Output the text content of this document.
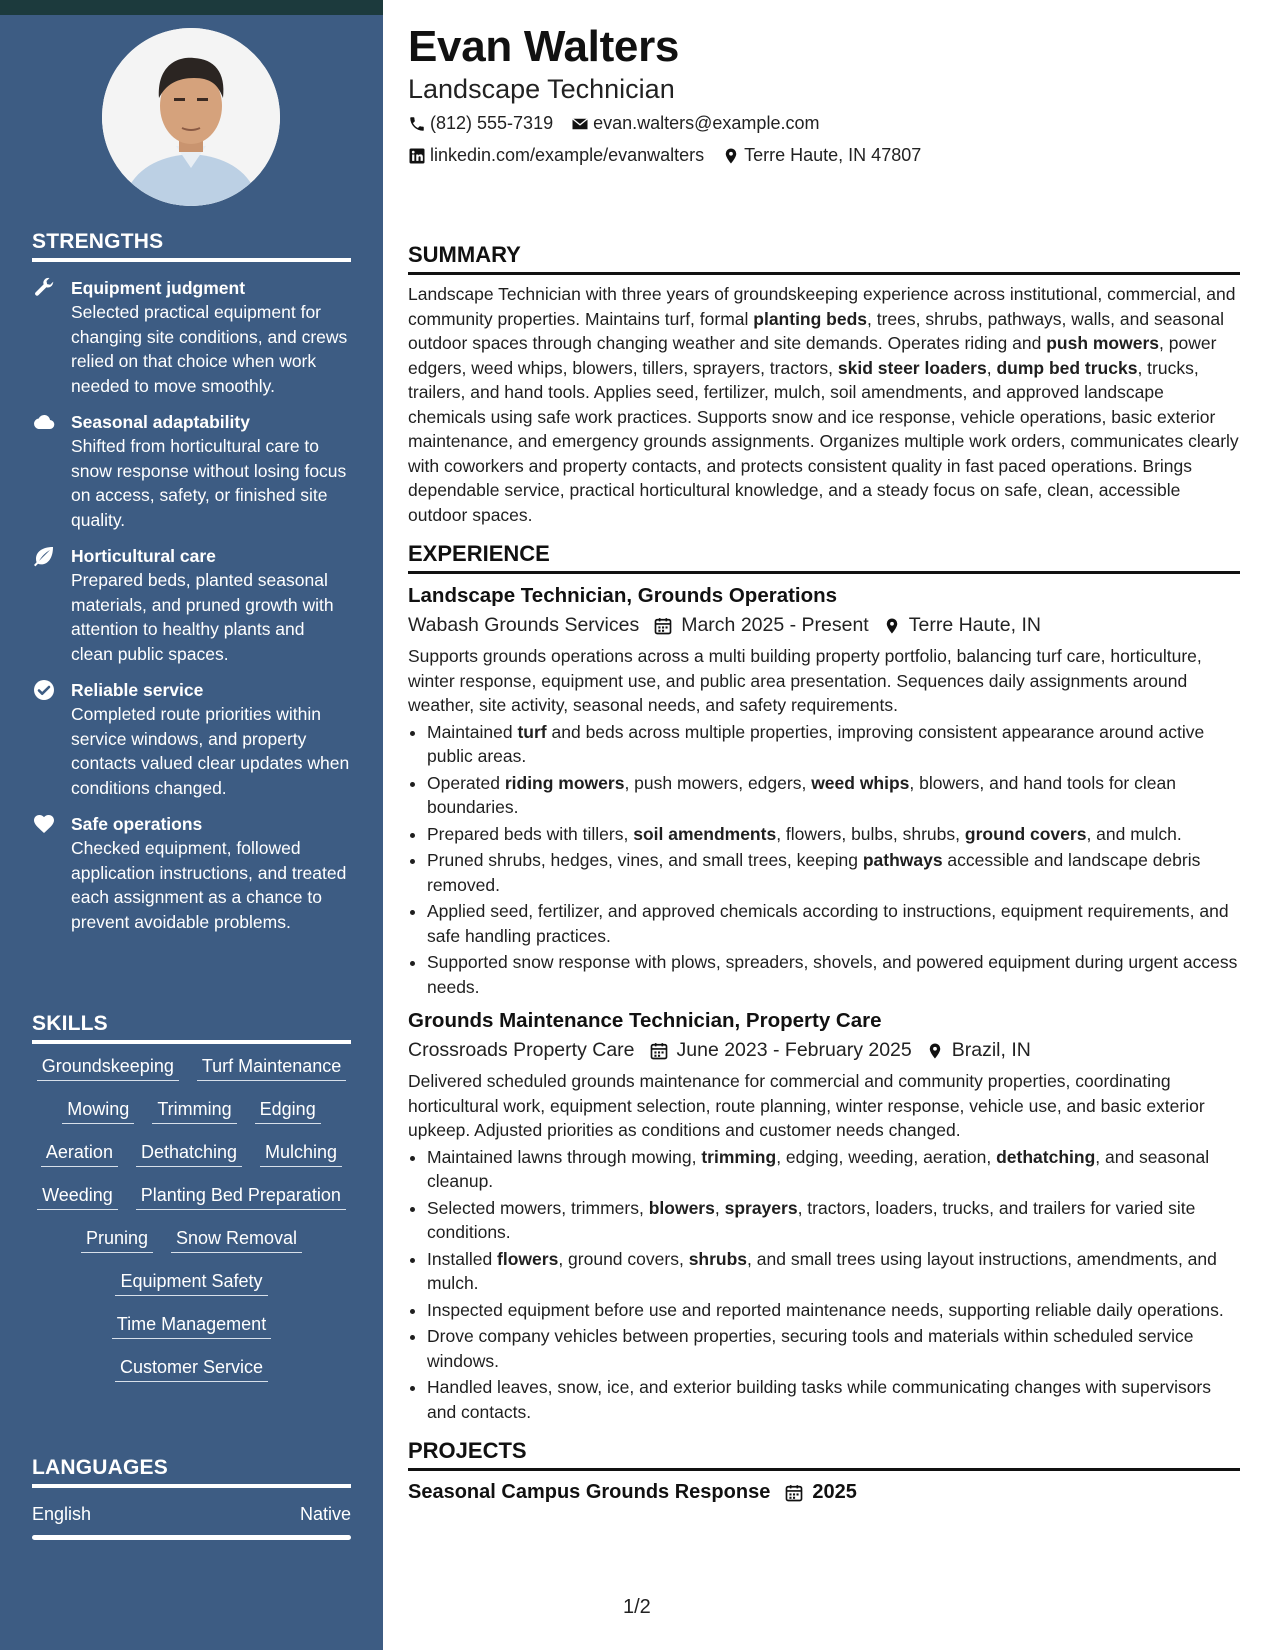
STRENGTHS
Equipment judgment
Selected practical equipment for changing site conditions, and crews relied on that choice when work needed to move smoothly.
Seasonal adaptability
Shifted from horticultural care to snow response without losing focus on access, safety, or finished site quality.
Horticultural care
Prepared beds, planted seasonal materials, and pruned growth with attention to healthy plants and clean public spaces.
Reliable service
Completed route priorities within service windows, and property contacts valued clear updates when conditions changed.
Safe operations
Checked equipment, followed application instructions, and treated each assignment as a chance to prevent avoidable problems.
SKILLS
Groundskeeping Turf Maintenance
Mowing Trimming Edging
Aeration Dethatching Mulching
Weeding Planting Bed Preparation
Pruning Snow Removal
Equipment Safety
Time Management
Customer Service
LANGUAGES
English	Native
Evan Walters
Landscape Technician
(812) 555-7319 evan.walters@example.com
linkedin.com/example/evanwalters Terre Haute, IN 47807
SUMMARY

Landscape Technician with three years of groundskeeping experience across institutional, commercial, and community properties. Maintains turf, formal planting beds, trees, shrubs, pathways, walls, and seasonal outdoor spaces through changing weather and site demands. Operates riding and push mowers, power edgers, weed whips, blowers, tillers, sprayers, tractors, skid steer loaders, dump bed trucks, trucks, trailers, and hand tools. Applies seed, fertilizer, mulch, soil amendments, and approved landscape chemicals using safe work practices. Supports snow and ice response, vehicle operations, basic exterior maintenance, and emergency grounds assignments. Organizes multiple work orders, communicates clearly with coworkers and property contacts, and protects consistent quality in fast paced operations. Brings dependable service, practical horticultural knowledge, and a steady focus on safe, clean, accessible outdoor spaces.

EXPERIENCE
Landscape Technician, Grounds Operations
Wabash Grounds Services March 2025 - Present Terre Haute, IN

Supports grounds operations across a multi building property portfolio, balancing turf care, horticulture, winter response, equipment use, and public area presentation. Sequences daily assignments around weather, site activity, seasonal needs, and safety requirements.

• Maintained turf and beds across multiple properties, improving consistent appearance around active public areas.
• Operated riding mowers, push mowers, edgers, weed whips, blowers, and hand tools for clean boundaries.
• Prepared beds with tillers, soil amendments, flowers, bulbs, shrubs, ground covers, and mulch.
• Pruned shrubs, hedges, vines, and small trees, keeping pathways accessible and landscape debris removed.
• Applied seed, fertilizer, and approved chemicals according to instructions, equipment requirements, and safe handling practices.
• Supported snow response with plows, spreaders, shovels, and powered equipment during urgent access needs.
Grounds Maintenance Technician, Property Care
Crossroads Property Care June 2023 - February 2025 Brazil, IN

Delivered scheduled grounds maintenance for commercial and community properties, coordinating horticultural work, equipment selection, route planning, winter response, vehicle use, and basic exterior upkeep. Adjusted priorities as conditions and customer needs changed.

• Maintained lawns through mowing, trimming, edging, weeding, aeration, dethatching, and seasonal cleanup.
• Selected mowers, trimmers, blowers, sprayers, tractors, loaders, trucks, and trailers for varied site conditions.
• Installed flowers, ground covers, shrubs, and small trees using layout instructions, amendments, and mulch.
• Inspected equipment before use and reported maintenance needs, supporting reliable daily operations.
• Drove company vehicles between properties, securing tools and materials within scheduled service windows.
• Handled leaves, snow, ice, and exterior building tasks while communicating changes with supervisors and contacts.
PROJECTS
Seasonal Campus Grounds Response 2025
1/2
